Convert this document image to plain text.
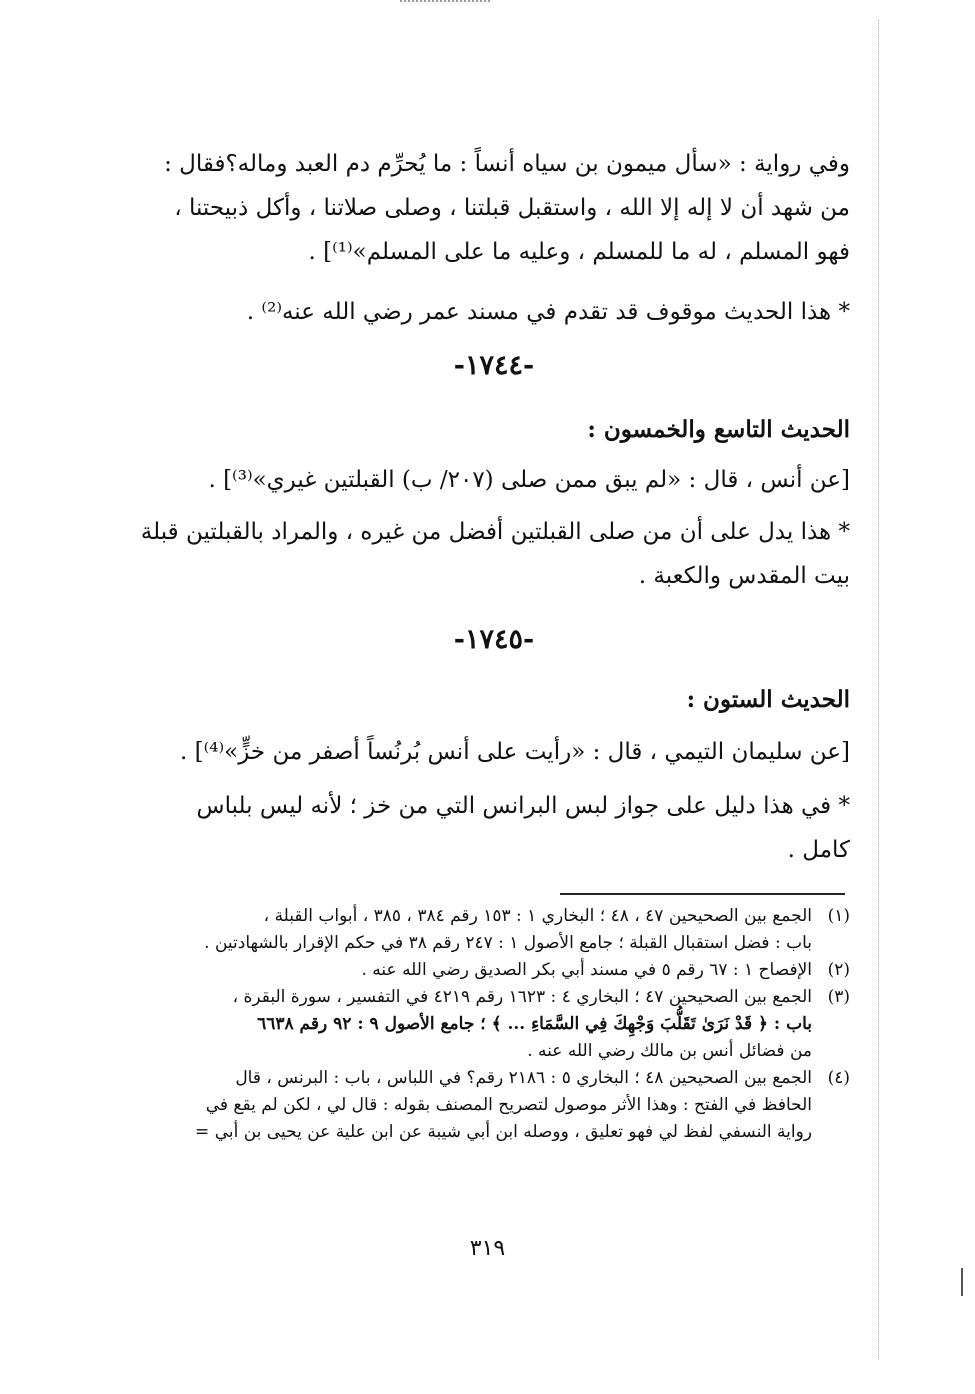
وفي رواية : «سأل ميمون بن سياه أنساً : ما يُحرِّم دم العبد وماله؟فقال :

من شهد أن لا إله إلا الله ، واستقبل قبلتنا ، وصلى صلاتنا ، وأكل ذبيحتنا ،

فهو المسلم ، له ما للمسلم ، وعليه ما على المسلم»⁽¹⁾] .

* هذا الحديث موقوف قد تقدم في مسند عمر رضي الله عنه⁽²⁾ .

-١٧٤٤-

الحديث التاسع والخمسون :

[عن أنس ، قال : «لم يبق ممن صلى (٢٠٧/ ب) القبلتين غيري»⁽³⁾] .

* هذا يدل على أن من صلى القبلتين أفضل من غيره ، والمراد بالقبلتين قبلة

بيت المقدس والكعبة .

-١٧٤٥-

الحديث الستون :

[عن سليمان التيمي ، قال : «رأيت على أنس بُرنُساً أصفر من خزٍّ»⁽⁴⁾] .

* في هذا دليل على جواز لبس البرانس التي من خز ؛ لأنه ليس بلباس

كامل .

(١)
الجمع بين الصحيحين ٤٧ ، ٤٨ ؛ البخاري ١ : ١٥٣ رقم ٣٨٤ ، ٣٨٥ ، أبواب القبلة ،
باب : فضل استقبال القبلة ؛ جامع الأصول ١ : ٢٤٧ رقم ٣٨ في حكم الإقرار بالشهادتين .
(٢)
الإفصاح ١ : ٦٧ رقم ٥ في مسند أبي بكر الصديق رضي الله عنه .
(٣)
الجمع بين الصحيحين ٤٧ ؛ البخاري ٤ : ١٦٢٣ رقم ٤٢١٩ في التفسير ، سورة البقرة ،
باب : ﴿ قَدْ نَرَىٰ تَقَلُّبَ وَجْهِكَ فِي السَّمَاءِ ... ﴾ ؛ جامع الأصول ٩ : ٩٢ رقم ٦٦٣٨
من فضائل أنس بن مالك رضي الله عنه .
(٤)
الجمع بين الصحيحين ٤٨ ؛ البخاري ٥ : ٢١٨٦ رقم؟ في اللباس ، باب : البرنس ، قال
الحافظ في الفتح : وهذا الأثر موصول لتصريح المصنف بقوله : قال لي ، لكن لم يقع في
رواية النسفي لفظ لي فهو تعليق ، ووصله ابن أبي شيبة عن ابن علية عن يحيى بن أبي =
٣١٩
